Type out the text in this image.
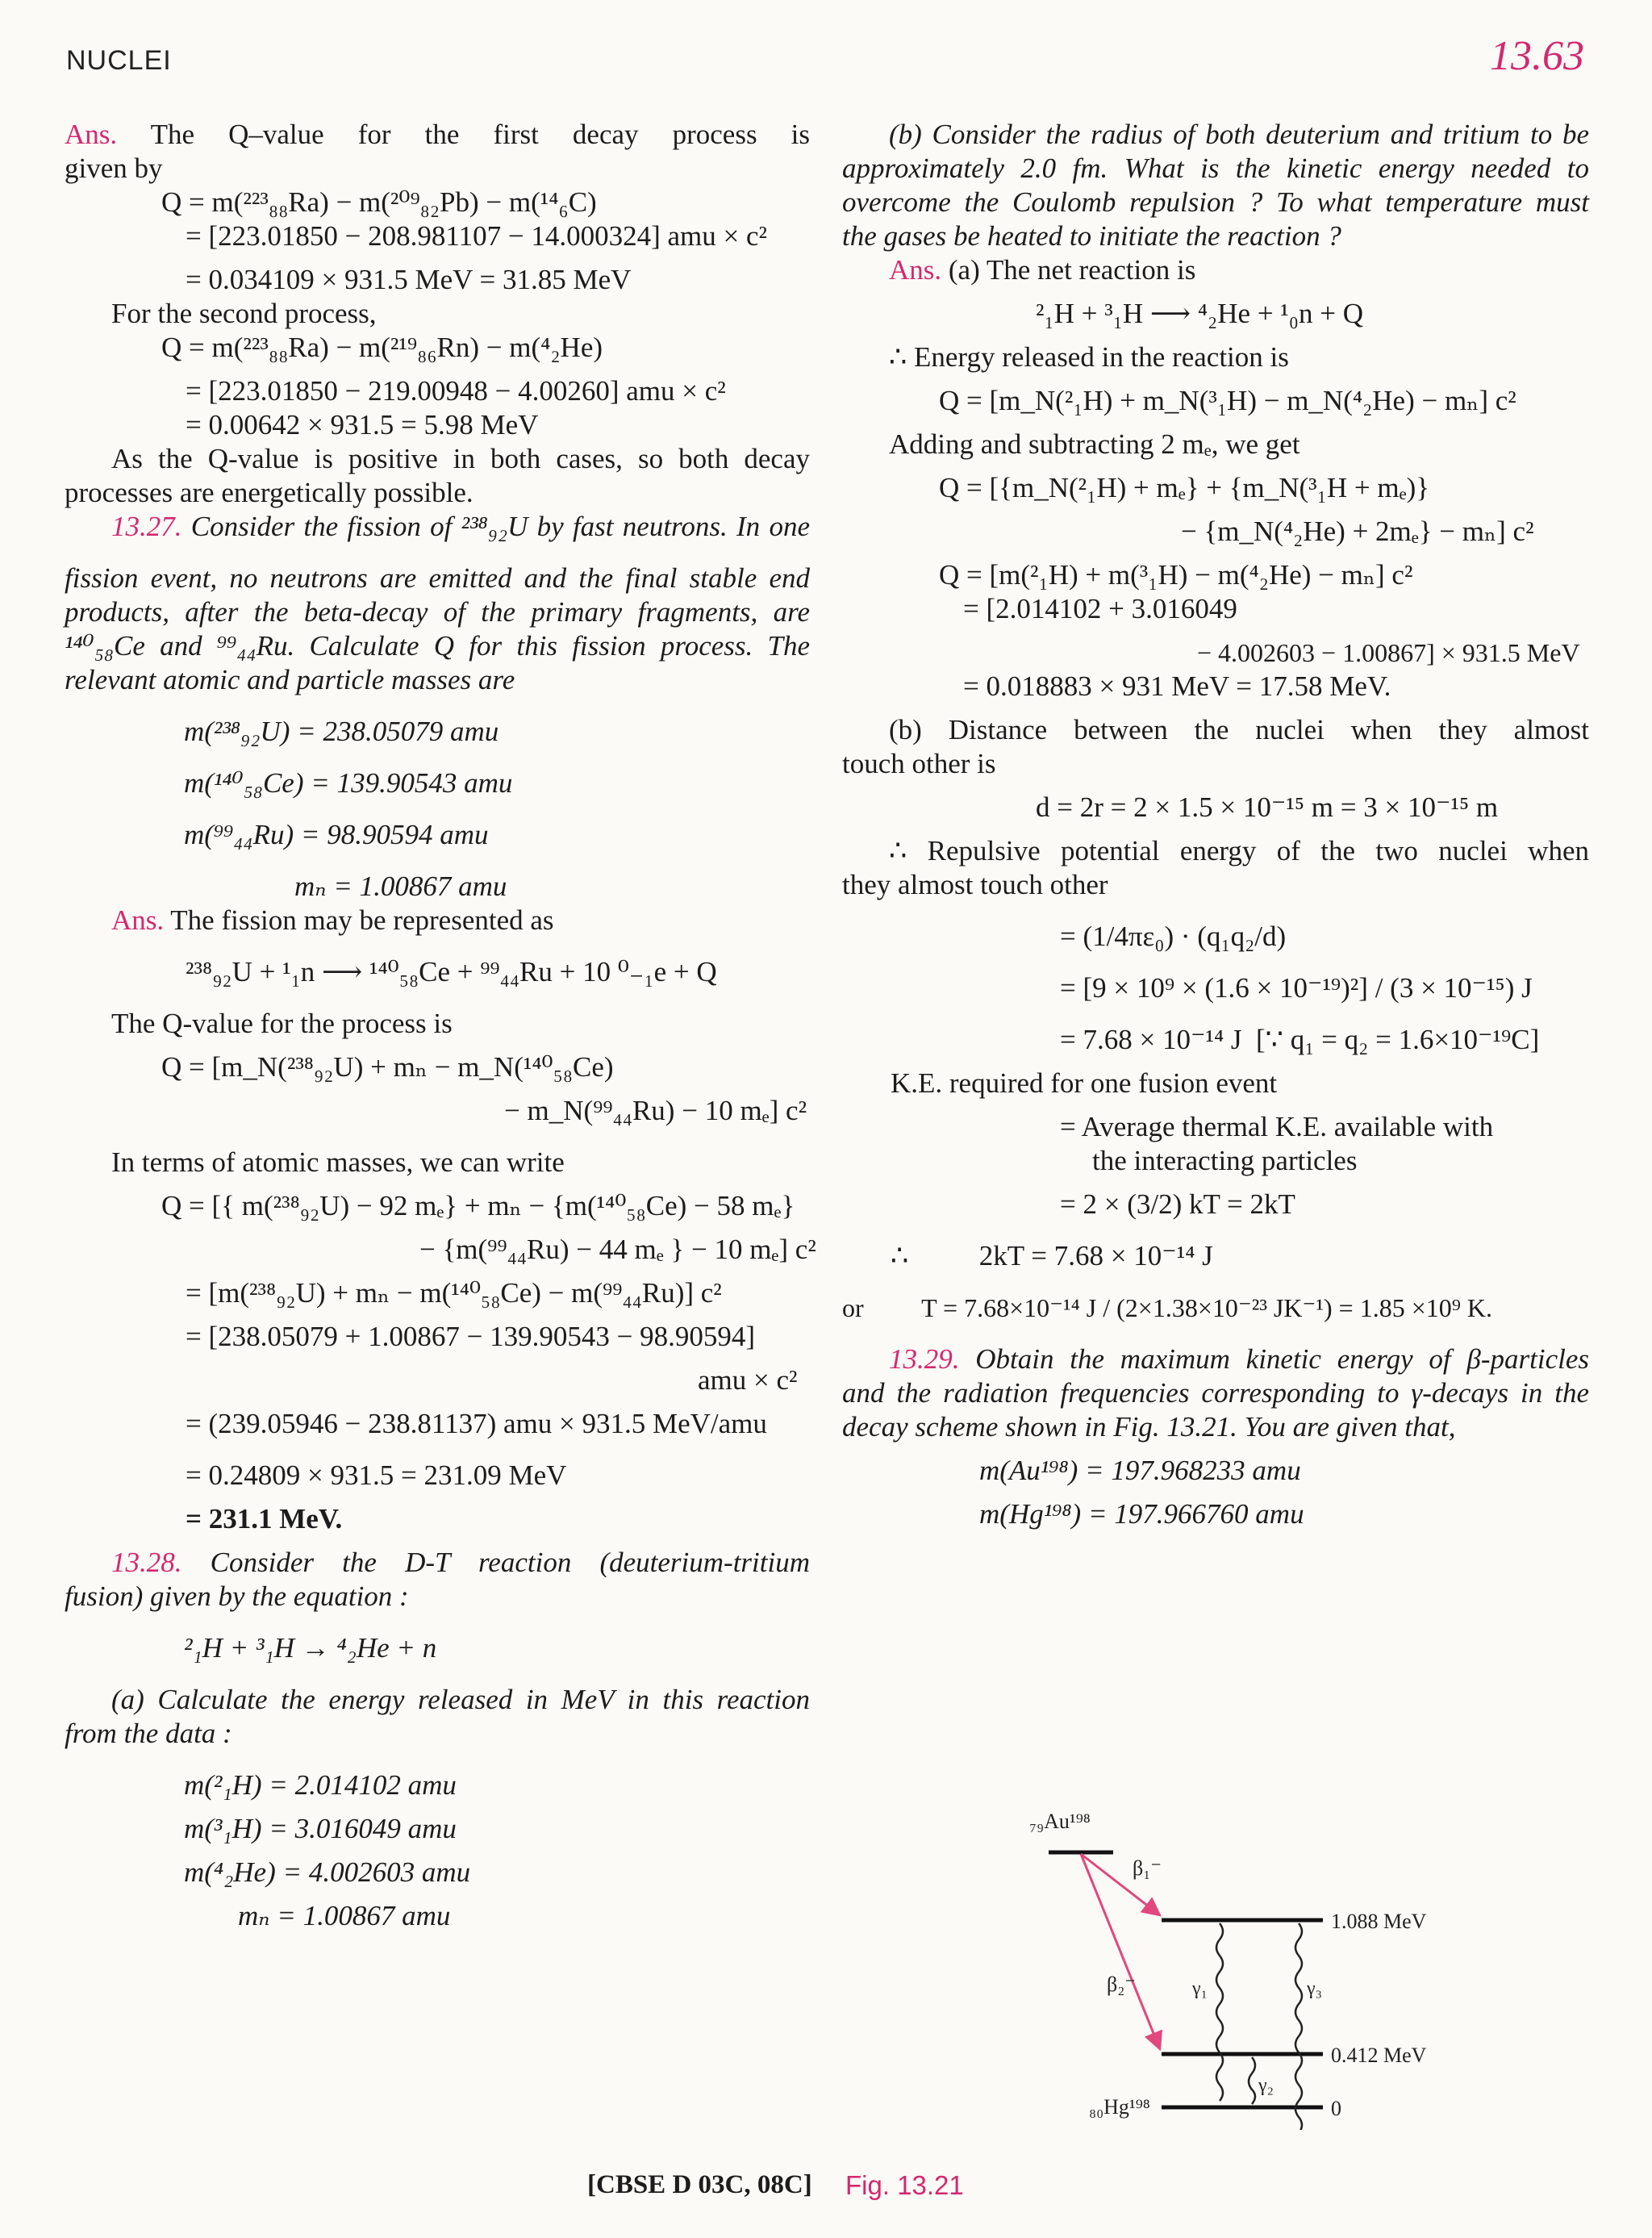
NUCLEI	13.63

Ans. The Q–value for the first decay process is

given by

Q = m(²²³₈₈Ra) − m(²⁰⁹₈₂Pb) − m(¹⁴₆C)

= [223.01850 − 208.981107 − 14.000324] amu × c²

= 0.034109 × 931.5 MeV = 31.85 MeV

For the second process,

Q = m(²²³₈₈Ra) − m(²¹⁹₈₆Rn) − m(⁴₂He)

= [223.01850 − 219.00948 − 4.00260] amu × c²

= 0.00642 × 931.5 = 5.98 MeV

As the Q-value is positive in both cases, so both decay

processes are energetically possible.

13.27. Consider the fission of ²³⁸₉₂U by fast neutrons. In one

fission event, no neutrons are emitted and the final stable end

products, after the beta-decay of the primary fragments, are

¹⁴⁰₅₈Ce and ⁹⁹₄₄Ru. Calculate Q for this fission process. The

relevant atomic and particle masses are

m(²³⁸₉₂U) = 238.05079 amu

m(¹⁴⁰₅₈Ce) = 139.90543 amu

m(⁹⁹₄₄Ru) = 98.90594 amu

mₙ = 1.00867 amu

Ans. The fission may be represented as

²³⁸₉₂U + ¹₁n ⟶ ¹⁴⁰₅₈Ce + ⁹⁹₄₄Ru + 10 ⁰₋₁e + Q

The Q-value for the process is

Q = [m_N(²³⁸₉₂U) + mₙ − m_N(¹⁴⁰₅₈Ce)

− m_N(⁹⁹₄₄Ru) − 10 mₑ] c²

In terms of atomic masses, we can write

Q = [{ m(²³⁸₉₂U) − 92 mₑ} + mₙ − {m(¹⁴⁰₅₈Ce) − 58 mₑ}

− {m(⁹⁹₄₄Ru) − 44 mₑ } − 10 mₑ] c²

= [m(²³⁸₉₂U) + mₙ − m(¹⁴⁰₅₈Ce) − m(⁹⁹₄₄Ru)] c²

= [238.05079 + 1.00867 − 139.90543 − 98.90594]

amu × c²

= (239.05946 − 238.81137) amu × 931.5 MeV/amu

= 0.24809 × 931.5 = 231.09 MeV

= 231.1 MeV.

13.28. Consider the D-T reaction (deuterium-tritium

fusion) given by the equation :

²₁H + ³₁H → ⁴₂He + n

(a) Calculate the energy released in MeV in this reaction

from the data :

m(²₁H) = 2.014102 amu

m(³₁H) = 3.016049 amu

m(⁴₂He) = 4.002603 amu

mₙ = 1.00867 amu

[CBSE D 03C, 08C]

(b) Consider the radius of both deuterium and tritium to be

approximately 2.0 fm. What is the kinetic energy needed to

overcome the Coulomb repulsion ? To what temperature must

the gases be heated to initiate the reaction ?

Ans. (a) The net reaction is

²₁H + ³₁H ⟶ ⁴₂He + ¹₀n + Q

∴ Energy released in the reaction is

Q = [m_N(²₁H) + m_N(³₁H) − m_N(⁴₂He) − mₙ] c²

Adding and subtracting 2 mₑ, we get

Q = [{m_N(²₁H) + mₑ} + {m_N(³₁H + mₑ)}

− {m_N(⁴₂He) + 2mₑ} − mₙ] c²

Q = [m(²₁H) + m(³₁H) − m(⁴₂He) − mₙ] c²

= [2.014102 + 3.016049

− 4.002603 − 1.00867] × 931.5 MeV

= 0.018883 × 931 MeV = 17.58 MeV.

(b) Distance between the nuclei when they almost

touch other is

d = 2r = 2 × 1.5 × 10⁻¹⁵ m = 3 × 10⁻¹⁵ m

∴ Repulsive potential energy of the two nuclei when

they almost touch other

= (1/4πε₀) · (q₁q₂/d)

= [9 × 10⁹ × (1.6 × 10⁻¹⁹)²] / (3 × 10⁻¹⁵) J

= 7.68 × 10⁻¹⁴ J  [∵ q₁ = q₂ = 1.6×10⁻¹⁹C]

K.E. required for one fusion event

= Average thermal K.E. available with

the interacting particles

= 2 × (3/2) kT = 2kT

∴          2kT = 7.68 × 10⁻¹⁴ J

or         T = 7.68×10⁻¹⁴ J / (2×1.38×10⁻²³ JK⁻¹) = 1.85 ×10⁹ K.

13.29. Obtain the maximum kinetic energy of β-particles

and the radiation frequencies corresponding to γ-decays in the

decay scheme shown in Fig. 13.21. You are given that,

m(Au¹⁹⁸) = 197.968233 amu

m(Hg¹⁹⁸) = 197.966760 amu

₇₉Au¹⁹⁸
1.088 MeV
0.412 MeV
0
₈₀Hg¹⁹⁸
β₁⁻
β₂⁻	γ₁
γ₂
γ₃
Fig. 13.21
